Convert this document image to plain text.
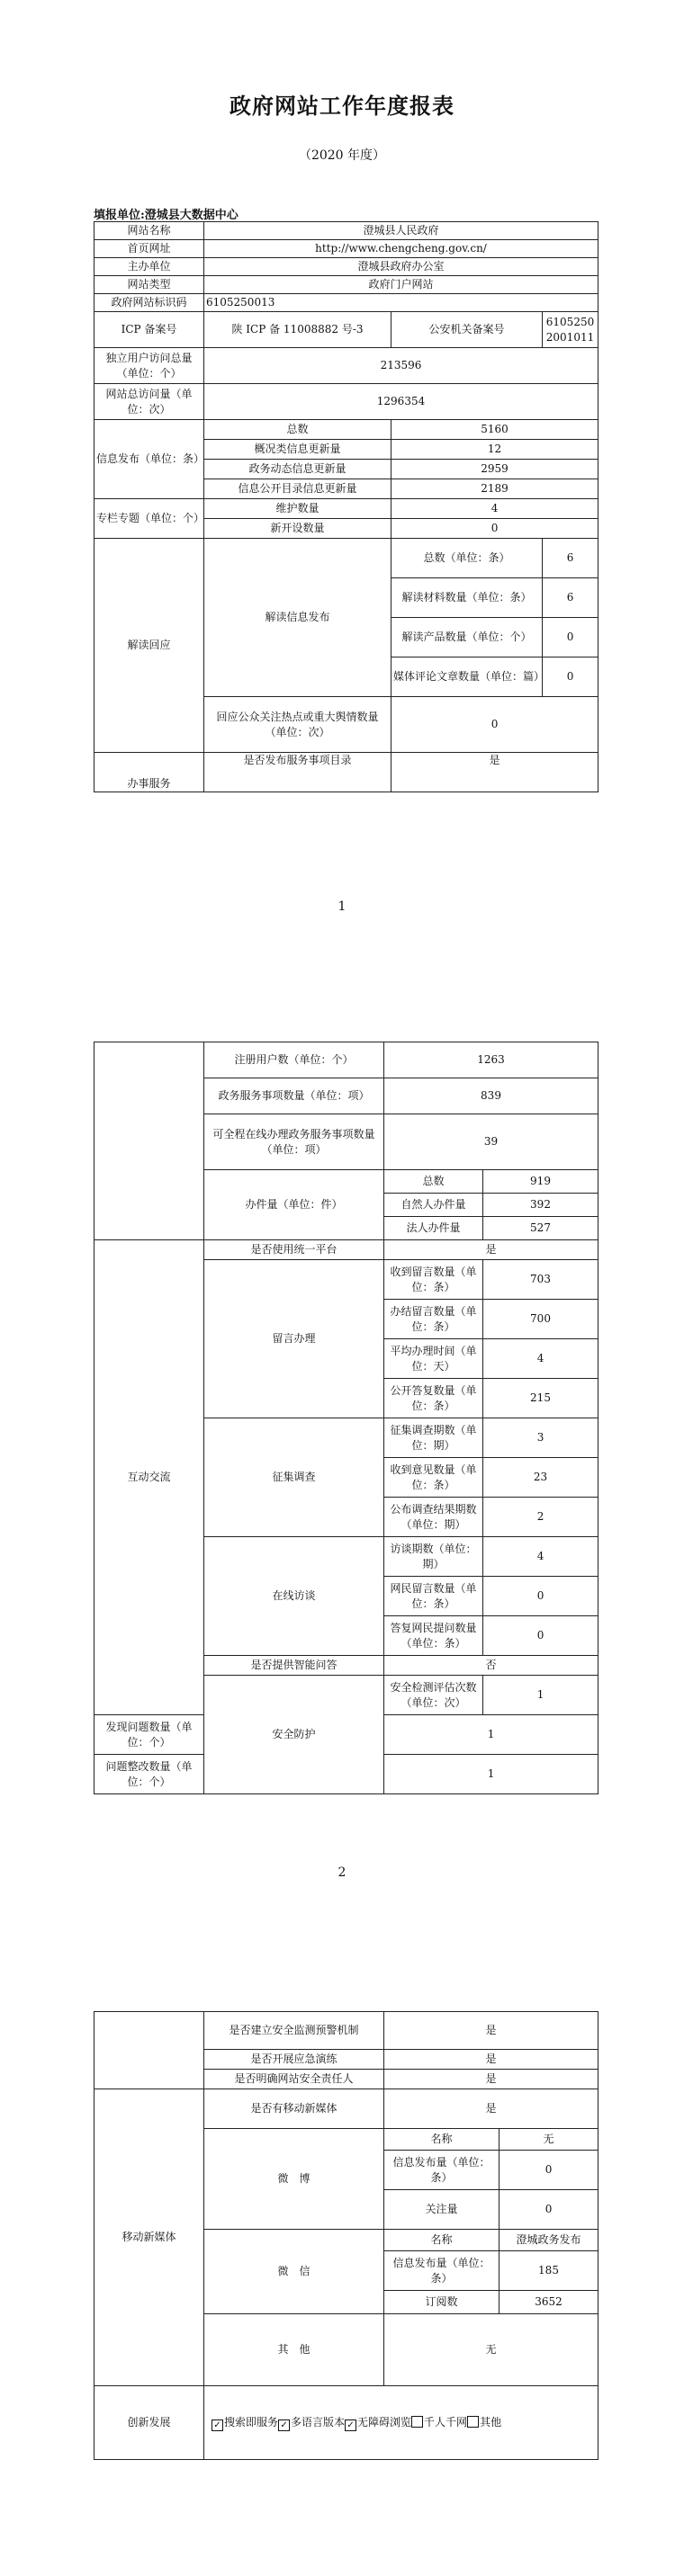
政府网站工作年度报表
（2020 年度）
填报单位:澄城县大数据中心
网站名称	澄城县人民政府		
首页网址	http://www.chengcheng.gov.cn/		
主办单位	澄城县政府办公室		
网站类型	政府门户网站		
政府网站标识码	6105250013		
ICP 备案号	陕 ICP 备 11008882 号-3	公安机关备案号	61052502001011
独立用户访问总量（单位：个）	213596		
网站总访问量（单位：次）	1296354		
信息发布（单位：条）	总数	5160	
	概况类信息更新量	12	
	政务动态信息更新量	2959	
	信息公开目录信息更新量	2189	
专栏专题（单位：个）	维护数量	4	
	新开设数量	0	
解读回应	解读信息发布	总数（单位：条）	6
		解读材料数量（单位：条）	6
		解读产品数量（单位：个）	0
		媒体评论文章数量（单位：篇）	0
	回应公众关注热点或重大舆情数量（单位：次）	0	
办事服务	是否发布服务事项目录	是	
1
	注册用户数（单位：个）	1263	
	政务服务事项数量（单位：项）	839	
	可全程在线办理政务服务事项数量（单位：项）	39	
	办件量（单位：件）	总数	919
		自然人办件量	392
		法人办件量	527
互动交流	是否使用统一平台	是	
	留言办理	收到留言数量（单位：条）	703
		办结留言数量（单位：条）	700
		平均办理时间（单位：天）	4
		公开答复数量（单位：条）	215
	征集调查	征集调查期数（单位：期）	3
		收到意见数量（单位：条）	23
		公布调查结果期数（单位：期）	2
	在线访谈	访谈期数（单位：期）	4
		网民留言数量（单位：条）	0
		答复网民提问数量（单位：条）	0
	是否提供智能问答	否	
	安全防护	安全检测评估次数（单位：次）	1
发现问题数量（单位：个）		1	
问题整改数量（单位：个）		1	
2
	是否建立安全监测预警机制	是	
	是否开展应急演练	是	
	是否明确网站安全责任人	是	
移动新媒体	是否有移动新媒体	是	
	微　博	名称	无
		信息发布量（单位：条）	0
		关注量	0
	微　信	名称	澄城政务发布
		信息发布量（单位：条）	185
		订阅数	3652
	其　他	无	
创新发展	✓ 搜索即服务 ✓ 多语言版本 ✓ 无障碍浏览 千人千网 其他		
